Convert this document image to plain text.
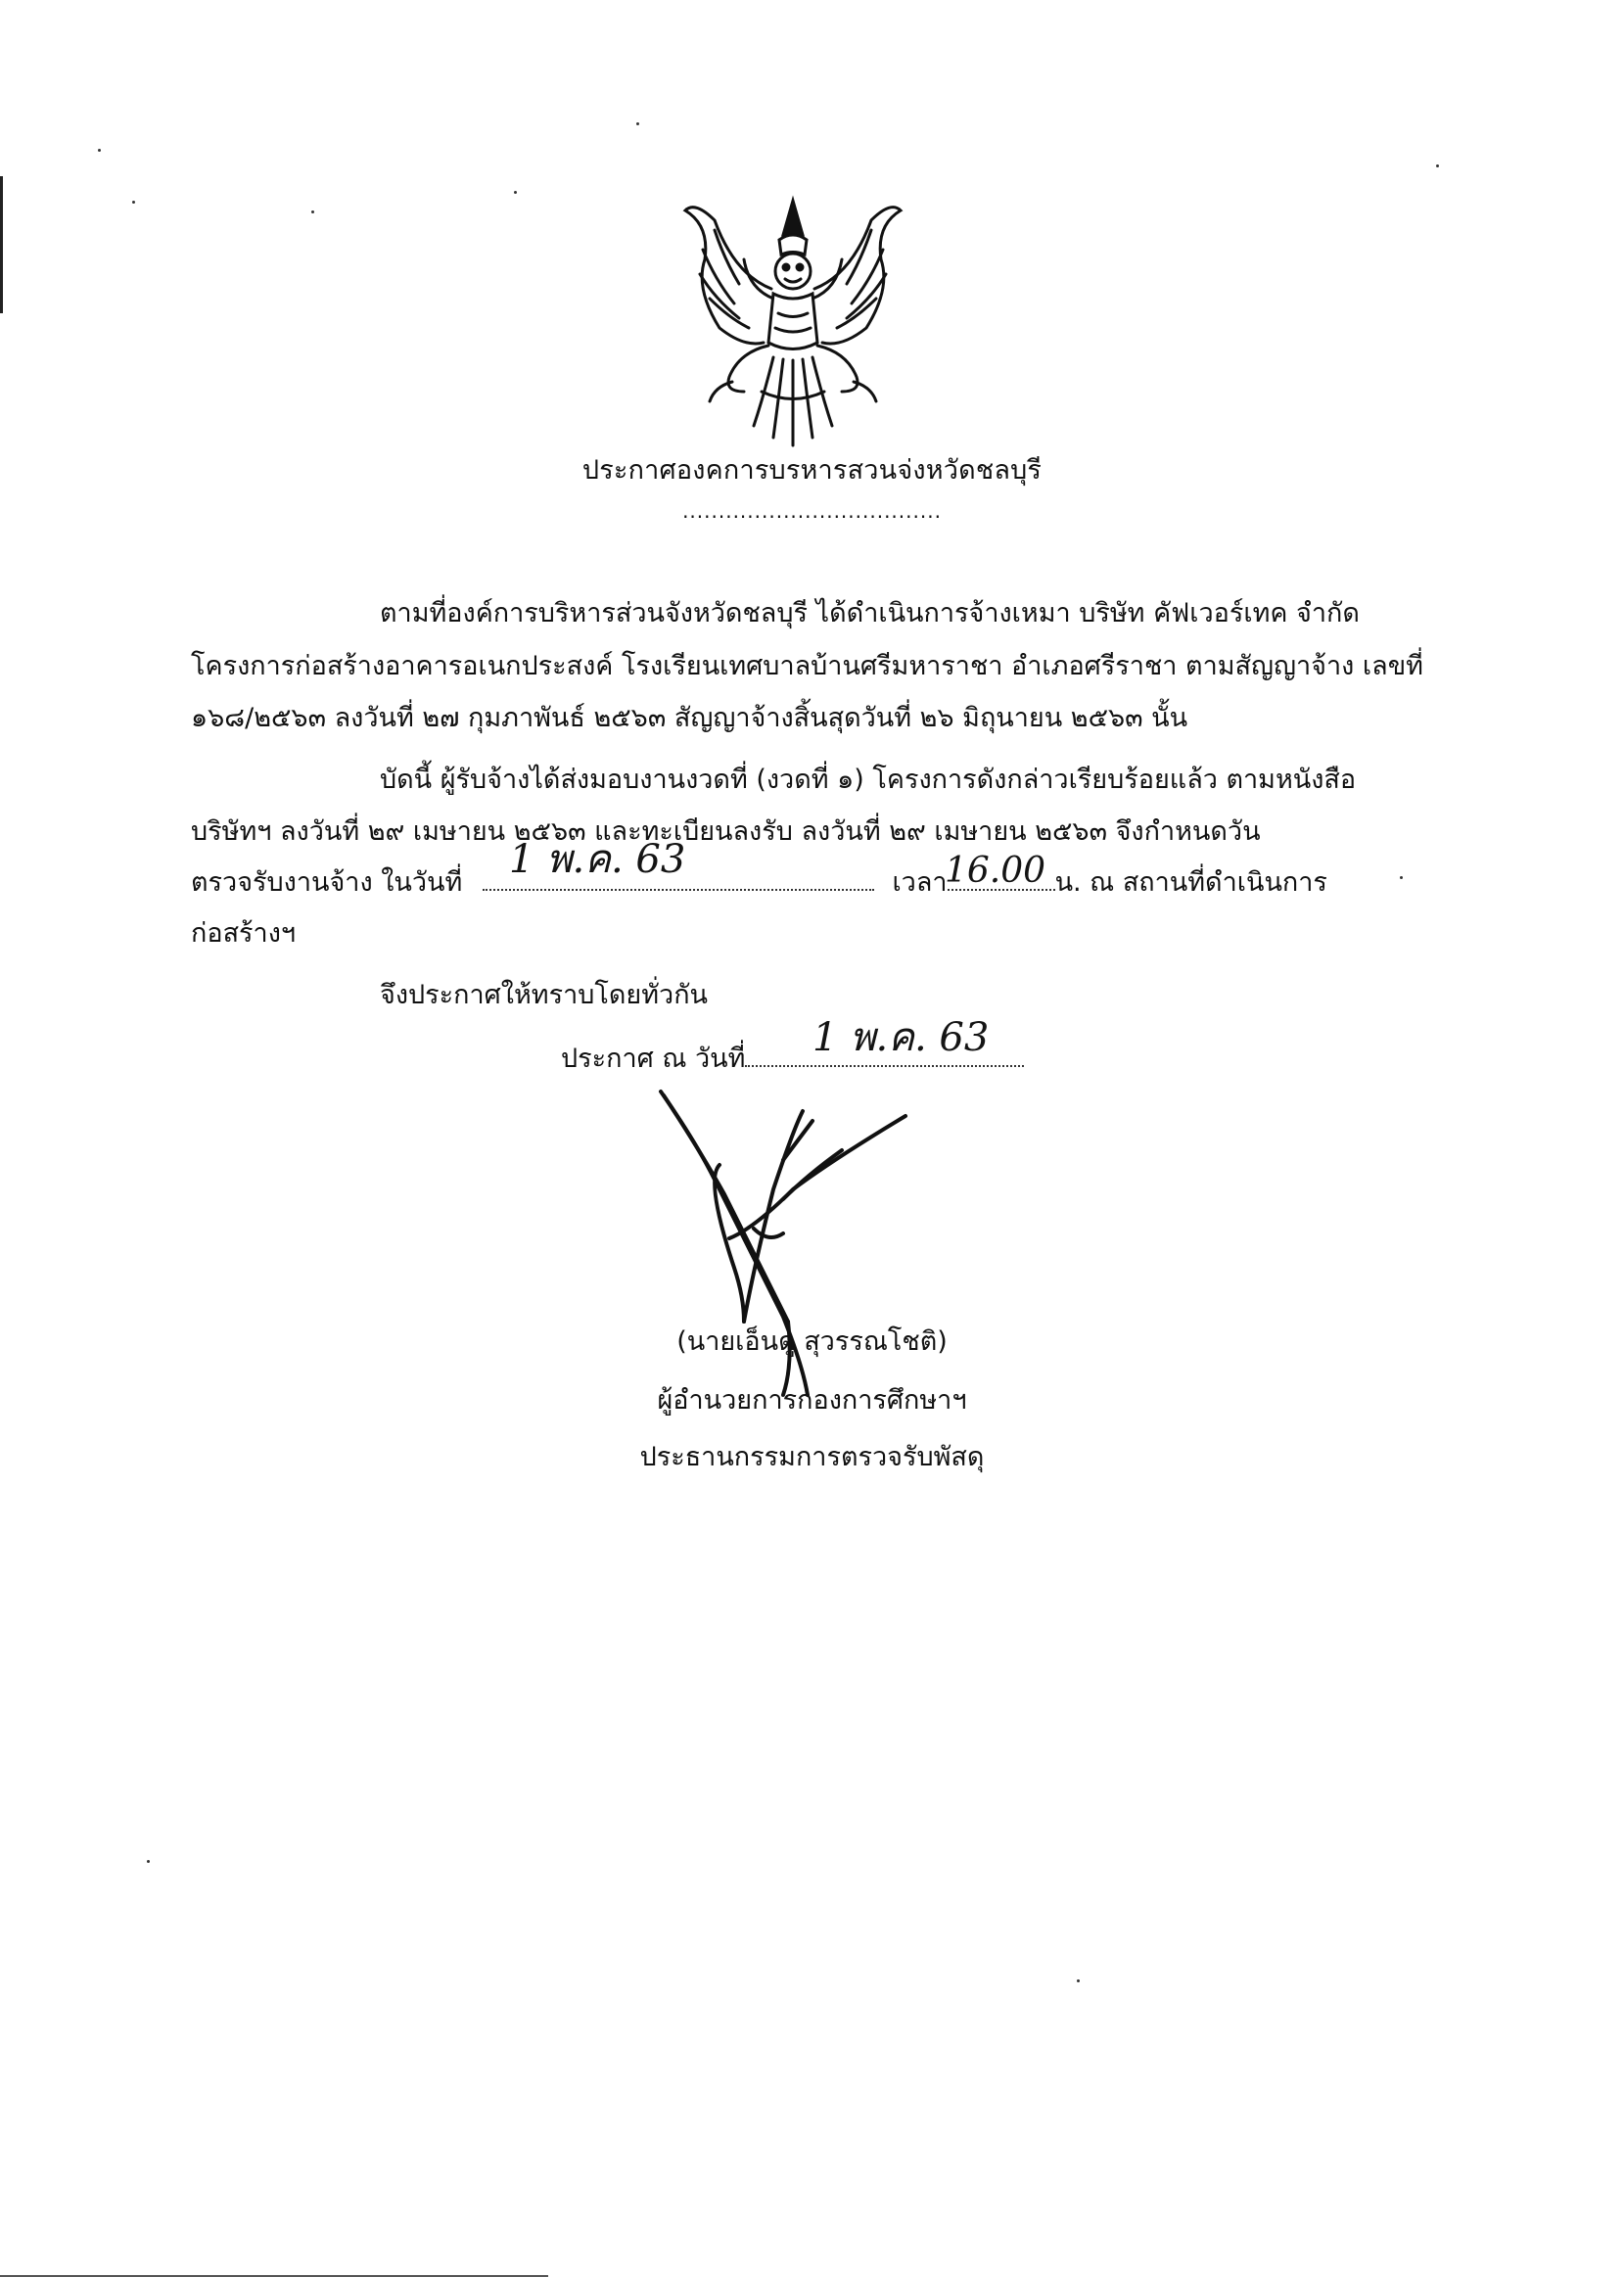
ประกาศองคการบรหารสวนจ่งหวัดชลบุรี
....................................
ตามที่องค์การบริหารส่วนจังหวัดชลบุรี ได้ดำเนินการจ้างเหมา บริษัท คัฟเวอร์เทค จำกัด
โครงการก่อสร้างอาคารอเนกประสงค์ โรงเรียนเทศบาลบ้านศรีมหาราชา อำเภอศรีราชา ตามสัญญาจ้าง เลขที่
๑๖๘/๒๕๖๓ ลงวันที่ ๒๗ กุมภาพันธ์ ๒๕๖๓ สัญญาจ้างสิ้นสุดวันที่ ๒๖ มิถุนายน ๒๕๖๓ นั้น
บัดนี้ ผู้รับจ้างได้ส่งมอบงานงวดที่ (งวดที่ ๑) โครงการดังกล่าวเรียบร้อยแล้ว ตามหนังสือ
บริษัทฯ ลงวันที่ ๒๙ เมษายน ๒๕๖๓ และทะเบียนลงรับ ลงวันที่ ๒๙ เมษายน ๒๕๖๓ จึงกำหนดวัน
ตรวจรับงานจ้าง ในวันที่	เวลา	น. ณ สถานที่ดำเนินการ
1 พ.ค. 63	16.00
ก่อสร้างฯ
จึงประกาศให้ทราบโดยทั่วกัน
ประกาศ ณ วันที่	1 พ.ค. 63
(นายเอ็นดู สุวรรณโชติ)
ผู้อำนวยการกองการศึกษาฯ
ประธานกรรมการตรวจรับพัสดุ
